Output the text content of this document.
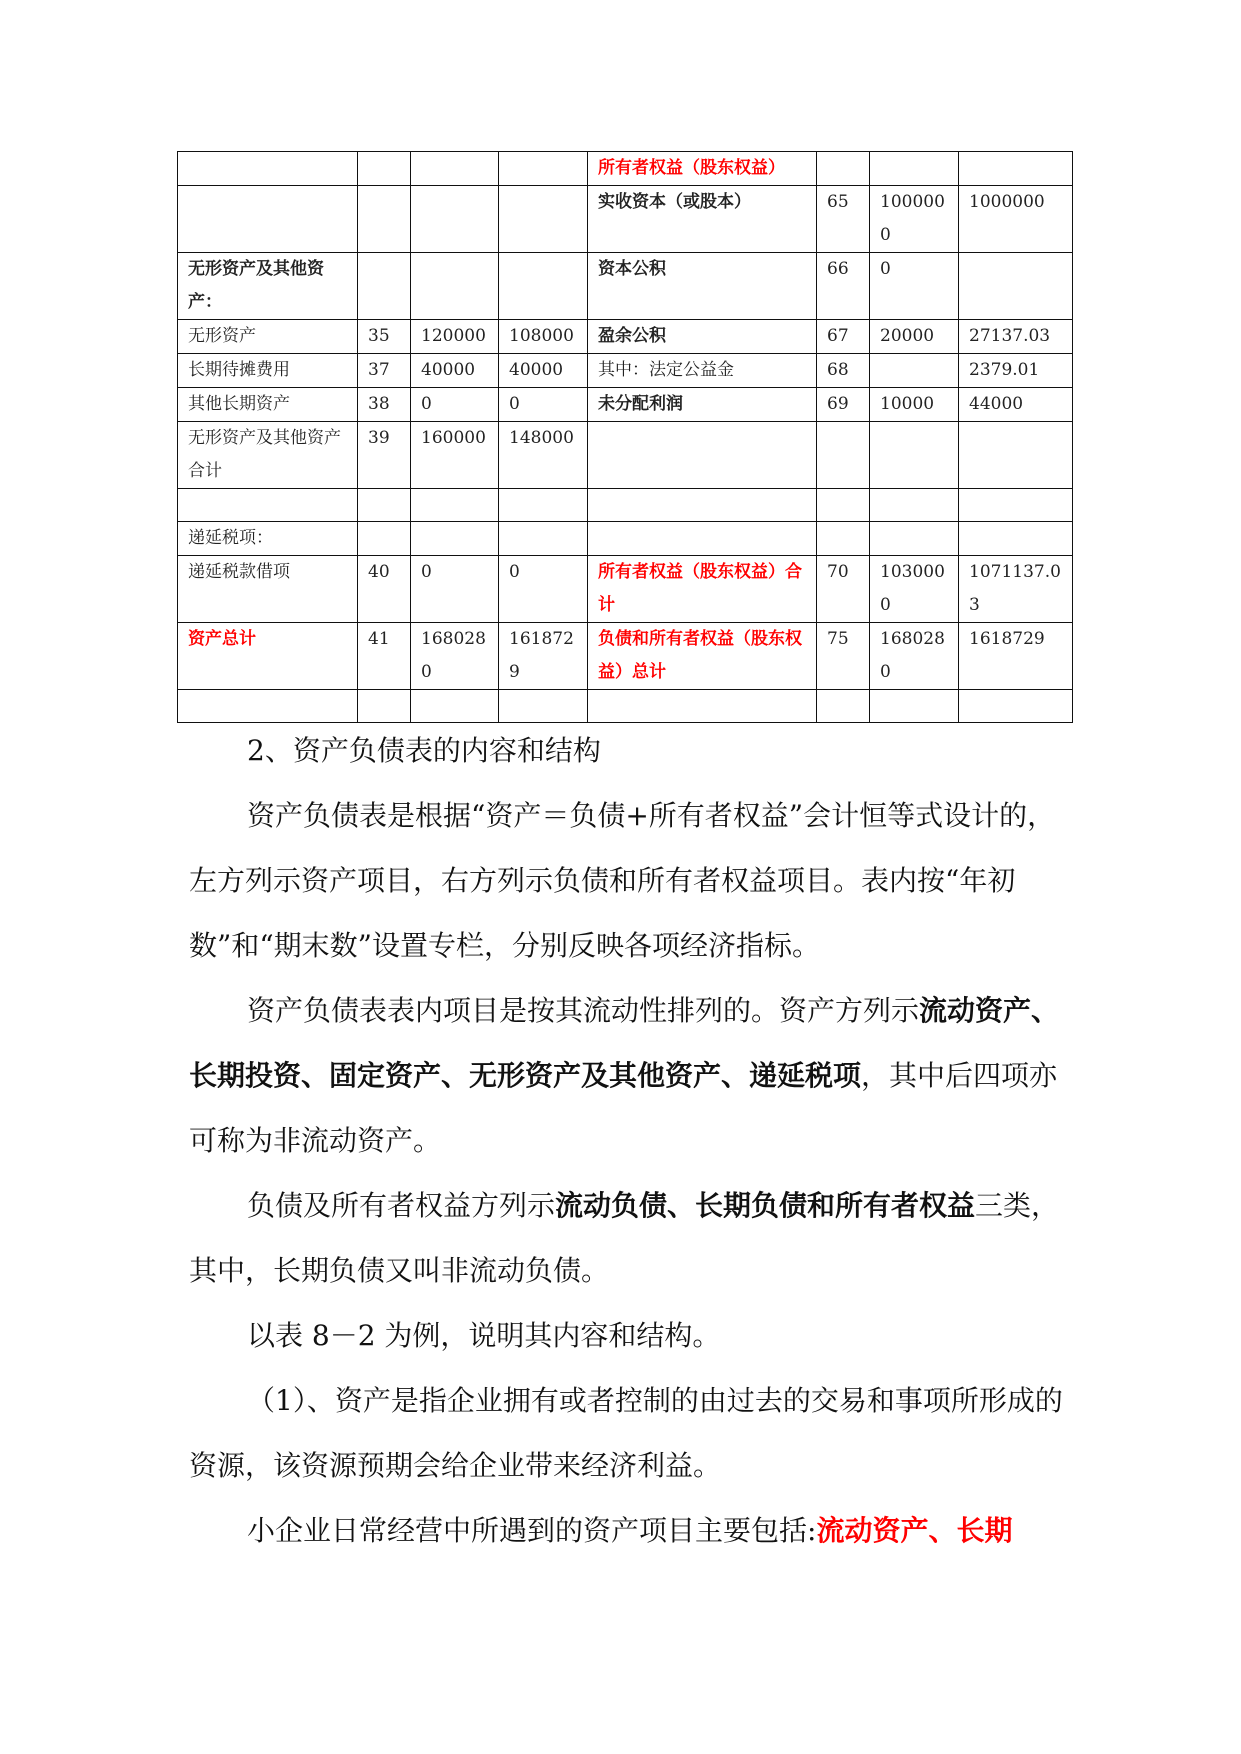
				所有者权益（股东权益）			
				实收资本（或股本）	65	1000000	1000000
无形资产及其他资产：				资本公积	66	0	
无形资产	35	120000	108000	盈余公积	67	20000	27137.03
长期待摊费用	37	40000	40000	其中：法定公益金	68		2379.01
其他长期资产	38	0	0	未分配利润	69	10000	44000
无形资产及其他资产合计	39	160000	148000				

递延税项：							
递延税款借项	40	0	0	所有者权益（股东权益）合计	70	1030000	1071137.03
资产总计	41	1680280	1618729	负债和所有者权益（股东权益）总计	75	1680280	1618729

2、资产负债表的内容和结构

资产负债表是根据“资产＝负债+所有者权益”会计恒等式设计的，左方列示资产项目，右方列示负债和所有者权益项目。表内按“年初数”和“期末数”设置专栏，分别反映各项经济指标。

资产负债表表内项目是按其流动性排列的。资产方列示流动资产、长期投资、固定资产、无形资产及其他资产、递延税项，其中后四项亦可称为非流动资产。

负债及所有者权益方列示流动负债、长期负债和所有者权益三类，其中，长期负债又叫非流动负债。

以表 8－2 为例，说明其内容和结构。

（1）、资产是指企业拥有或者控制的由过去的交易和事项所形成的资源，该资源预期会给企业带来经济利益。

小企业日常经营中所遇到的资产项目主要包括:流动资产、长期
